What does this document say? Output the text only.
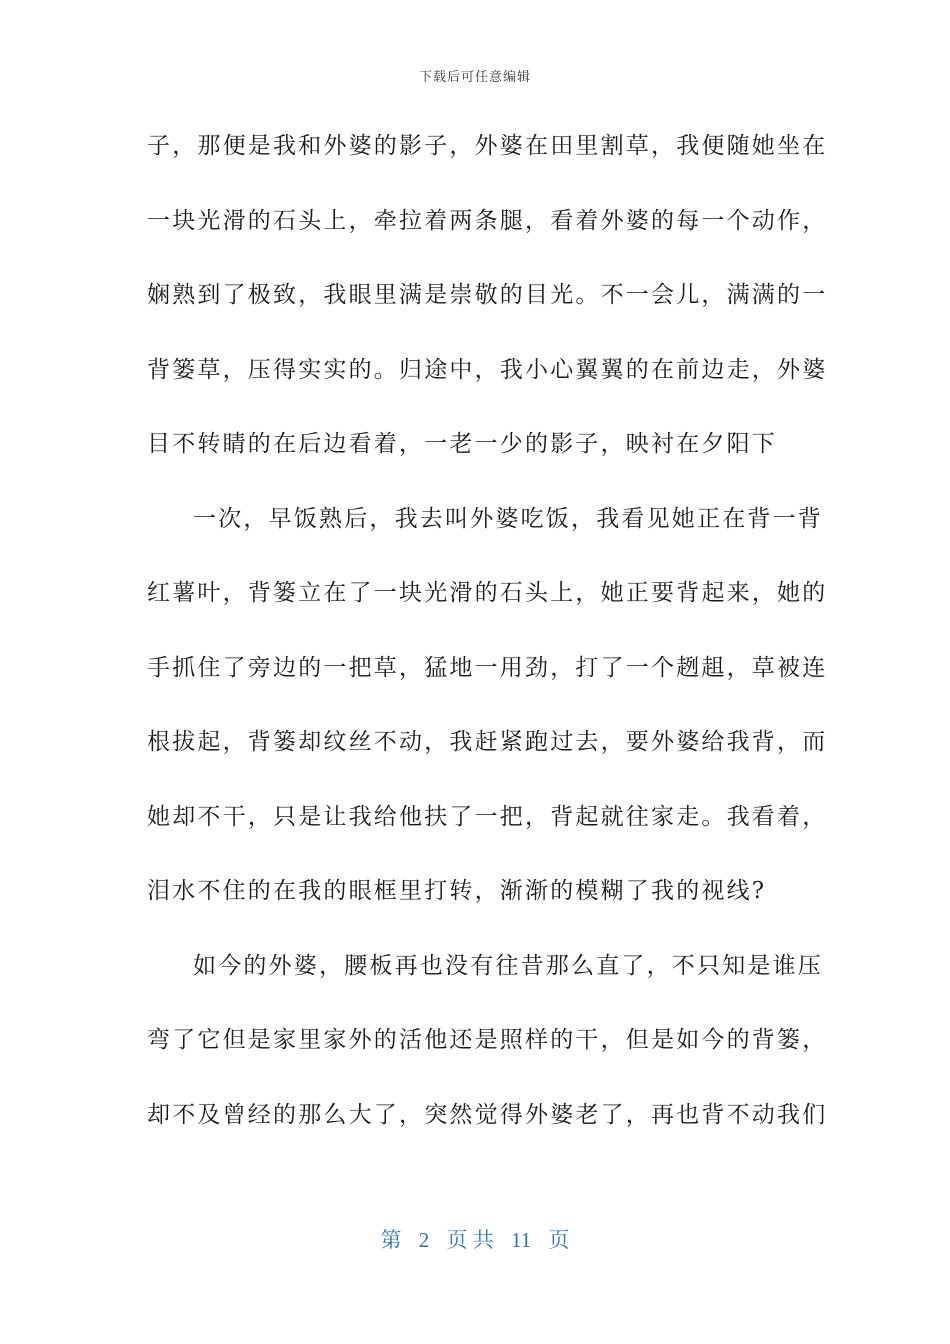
下载后可任意编辑
子，那便是我和外婆的影子，外婆在田里割草，我便随她坐在
一块光滑的石头上，牵拉着两条腿，看着外婆的每一个动作，
娴熟到了极致，我眼里满是崇敬的目光。不一会儿，满满的一
背篓草，压得实实的。归途中，我小心翼翼的在前边走，外婆
目不转睛的在后边看着，一老一少的影子，映衬在夕阳下
一次，早饭熟后，我去叫外婆吃饭，我看见她正在背一背
红薯叶，背篓立在了一块光滑的石头上，她正要背起来，她的
手抓住了旁边的一把草，猛地一用劲，打了一个趔趄，草被连
根拔起，背篓却纹丝不动，我赶紧跑过去，要外婆给我背，而
她却不干，只是让我给他扶了一把，背起就往家走。我看着，
泪水不住的在我的眼框里打转，渐渐的模糊了我的视线?
如今的外婆，腰板再也没有往昔那么直了，不只知是谁压
弯了它但是家里家外的活他还是照样的干，但是如今的背篓，
却不及曾经的那么大了，突然觉得外婆老了，再也背不动我们
第 2 页 共 11 页
